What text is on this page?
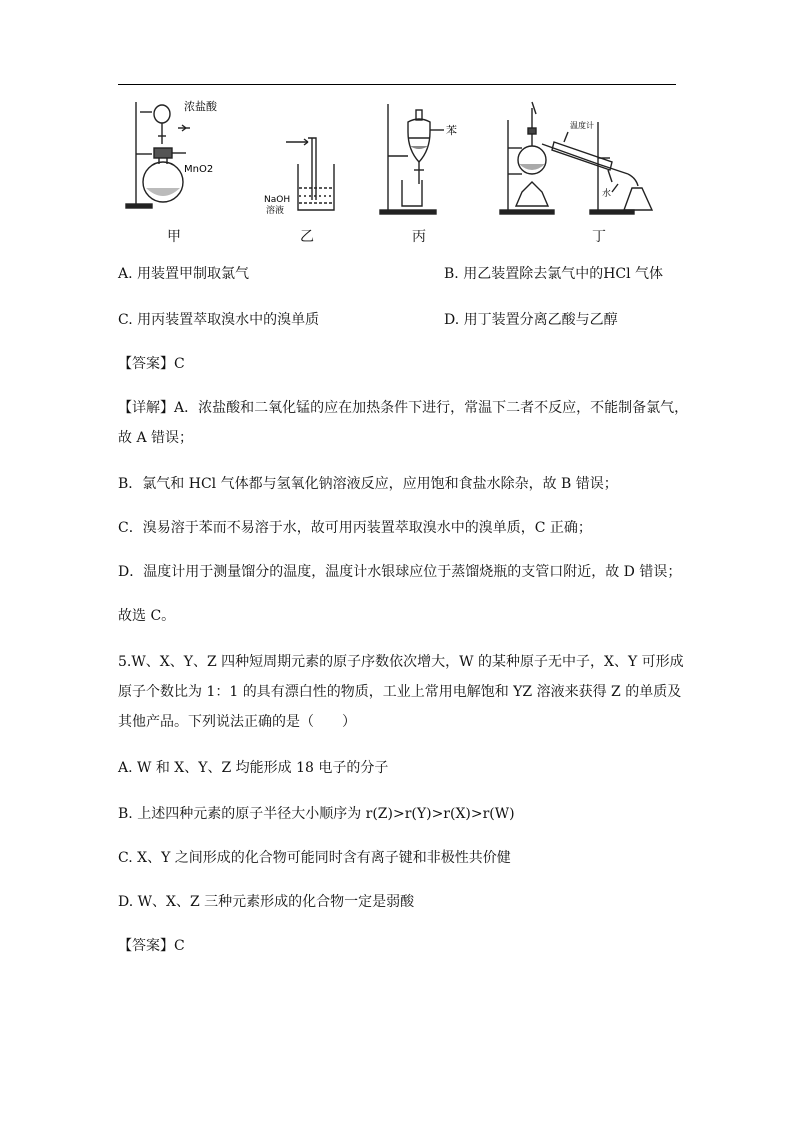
浓盐酸
MnO2
NaOH
溶液
苯	温度计
水
甲	乙	丙	丁
A. 用装置甲制取氯气	B. 用乙装置除去氯气中的HCl 气体
C. 用丙装置萃取溴水中的溴单质	D. 用丁装置分离乙酸与乙醇
【答案】C
【详解】A．浓盐酸和二氧化锰的应在加热条件下进行，常温下二者不反应，不能制备氯气，
故 A 错误；
B．氯气和 HCl 气体都与氢氧化钠溶液反应，应用饱和食盐水除杂，故 B 错误；
C．溴易溶于苯而不易溶于水，故可用丙装置萃取溴水中的溴单质，C 正确；
D．温度计用于测量馏分的温度，温度计水银球应位于蒸馏烧瓶的支管口附近，故 D 错误；
故选 C。
5.W、X、Y、Z 四种短周期元素的原子序数依次增大，W 的某种原子无中子，X、Y 可形成
原子个数比为 1：1 的具有漂白性的物质，工业上常用电解饱和 YZ 溶液来获得 Z 的单质及
其他产品。下列说法正确的是（　　）
A. W 和 X、Y、Z 均能形成 18 电子的分子
B. 上述四种元素的原子半径大小顺序为 r(Z)>r(Y)>r(X)>r(W)
C. X、Y 之间形成的化合物可能同时含有离子键和非极性共价健
D. W、X、Z 三种元素形成的化合物一定是弱酸
【答案】C
